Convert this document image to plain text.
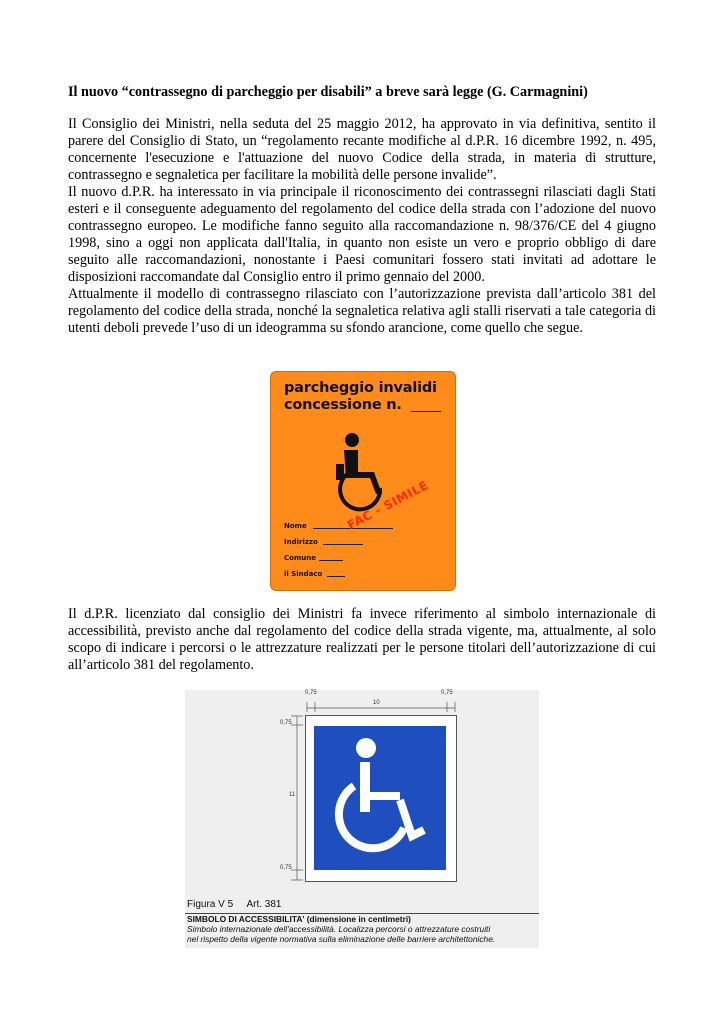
Il nuovo “contrassegno di parcheggio per disabili” a breve sarà legge (G. Carmagnini)

Il Consiglio dei Ministri, nella seduta del 25 maggio 2012, ha approvato in via definitiva, sentito il parere del Consiglio di Stato, un “regolamento recante modifiche al d.P.R. 16 dicembre 1992, n. 495, concernente l'esecuzione e l'attuazione del nuovo Codice della strada, in materia di strutture, contrassegno e segnaletica per facilitare la mobilità delle persone invalide”.

Il nuovo d.P.R. ha interessato in via principale il riconoscimento dei contrassegni rilasciati dagli Stati esteri e il conseguente adeguamento del regolamento del codice della strada con l’adozione del nuovo contrassegno europeo. Le modifiche fanno seguito alla raccomandazione n. 98/376/CE del 4 giugno 1998, sino a oggi non applicata dall'Italia, in quanto non esiste un vero e proprio obbligo di dare seguito alle raccomandazioni, nonostante i Paesi comunitari fossero stati invitati ad adottare le disposizioni raccomandate dal Consiglio entro il primo gennaio del 2000.

Attualmente il modello di contrassegno rilasciato con l’autorizzazione prevista dall’articolo 381 del regolamento del codice della strada, nonché la segnaletica relativa agli stalli riservati a tale categoria di utenti deboli prevede l’uso di un ideogramma su sfondo arancione, come quello che segue.

Il d.P.R. licenziato dal consiglio dei Ministri fa invece riferimento al simbolo internazionale di accessibilità, previsto anche dal regolamento del codice della strada vigente, ma, attualmente, al solo scopo di indicare i percorsi o le attrezzature realizzati per le persone titolari dell’autorizzazione di cui all’articolo 381 del regolamento.

parcheggio invalidi
concessione n.
Nome
Indirizzo
Comune
il Sindaco
FAC - SIMILE
0,75
10
0,75
0,75
11
0,75
Figura V 5     Art. 381
SIMBOLO DI ACCESSIBILITA' (dimensione in centimetri)
Simbolo internazionale dell'accessibilità. Localizza percorsi o attrezzature costruiti
nel rispetto della vigente normativa sulla eliminazione delle barriere architettoniche.
